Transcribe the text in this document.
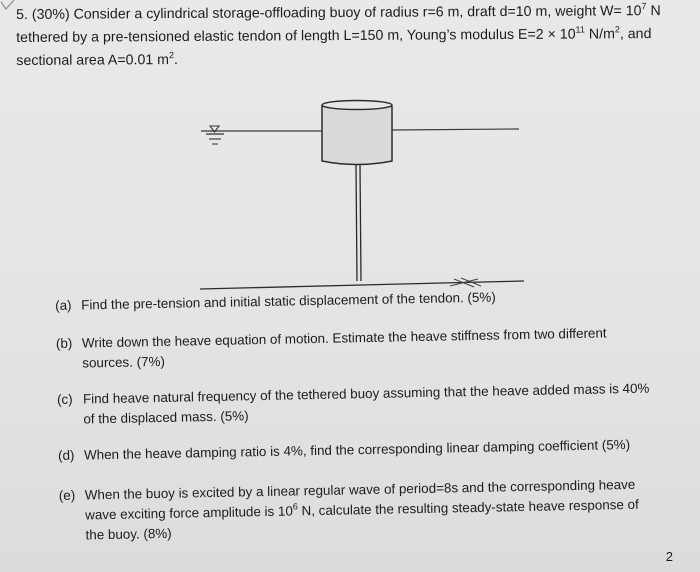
5. (30%) Consider a cylindrical storage-offloading buoy of radius r=6 m, draft d=10 m, weight $W= 10^7$ N
tethered by a pre-tensioned elastic tendon of length L=150 m, Young’s modulus $E=2 \times 10^{11}$ $N/m^2$, and
sectional area A=0.01 $m^2$.
(a) Find the pre-tension and initial static displacement of the tendon. (5%)
(b) Write down the heave equation of motion. Estimate the heave stiffness from two different
sources. (7%)
(c) Find heave natural frequency of the tethered buoy assuming that the heave added mass is 40%
of the displaced mass. (5%)
(d) When the heave damping ratio is 4%, find the corresponding linear damping coefficient (5%)
(e) When the buoy is excited by a linear regular wave of period=8s and the corresponding heave
wave exciting force amplitude is $10^6$ N, calculate the resulting steady-state heave response of
the buoy. (8%)
2
